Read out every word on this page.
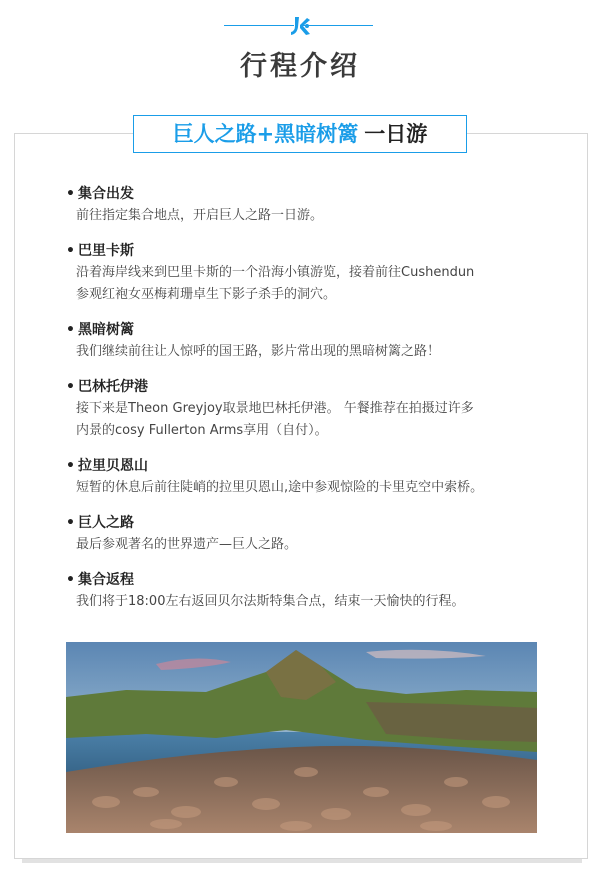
行程介绍
巨人之路+黑暗树篱 一日游
• 集合出发
前往指定集合地点，开启巨人之路一日游。
• 巴里卡斯
沿着海岸线来到巴里卡斯的一个沿海小镇游览，接着前往Cushendun
参观红袍女巫梅莉珊卓生下影子杀手的洞穴。
• 黑暗树篱
我们继续前往让人惊呼的国王路，影片常出现的黑暗树篱之路！
• 巴林托伊港
接下来是Theon Greyjoy取景地巴林托伊港。 午餐推荐在拍摄过许多
内景的cosy Fullerton Arms享用（自付）。
• 拉里贝恩山
短暂的休息后前往陡峭的拉里贝恩山,途中参观惊险的卡里克空中索桥。
• 巨人之路
最后参观著名的世界遗产—巨人之路。
• 集合返程
我们将于18:00左右返回贝尔法斯特集合点，结束一天愉快的行程。
